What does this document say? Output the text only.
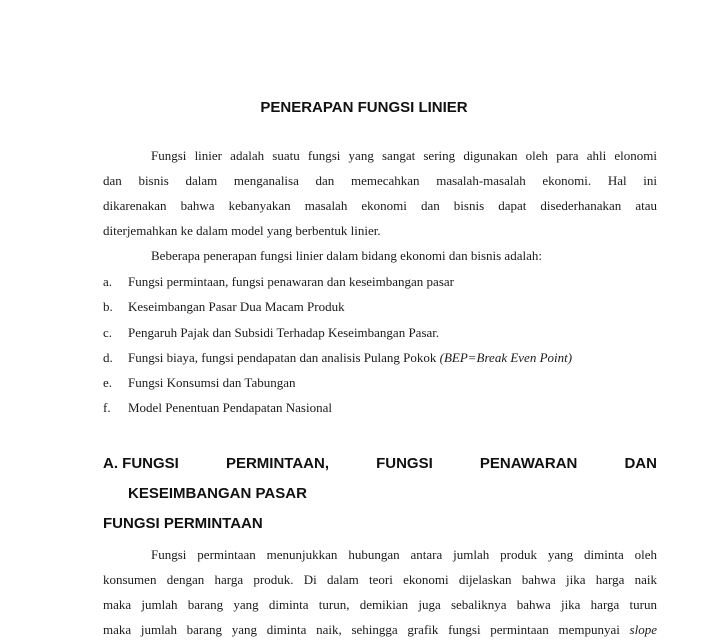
PENERAPAN FUNGSI LINIER

Fungsi linier adalah suatu fungsi yang sangat sering digunakan oleh para ahli elonomi

dan bisnis dalam menganalisa dan memecahkan masalah-masalah ekonomi. Hal ini

dikarenakan bahwa kebanyakan masalah ekonomi dan bisnis dapat disederhanakan atau

diterjemahkan ke dalam model yang berbentuk linier.

Beberapa penerapan fungsi linier dalam bidang ekonomi dan bisnis adalah:

a. Fungsi permintaan, fungsi penawaran dan keseimbangan pasar
b. Keseimbangan Pasar Dua Macam Produk
c. Pengaruh Pajak dan Subsidi Terhadap Keseimbangan Pasar.
d. Fungsi biaya, fungsi pendapatan dan analisis Pulang Pokok (BEP=Break Even Point)
e. Fungsi Konsumsi dan Tabungan
f. Model Penentuan Pendapatan Nasional
A. FUNGSI	PERMINTAAN,	FUNGSI	PENAWARAN	DAN
KESEIMBANGAN PASAR
FUNGSI PERMINTAAN

Fungsi permintaan menunjukkan hubungan antara jumlah produk yang diminta oleh

konsumen dengan harga produk. Di dalam teori ekonomi dijelaskan bahwa jika harga naik

maka jumlah barang yang diminta turun, demikian juga sebaliknya bahwa jika harga turun

maka jumlah barang yang diminta naik, sehingga grafik fungsi permintaan mempunyai slope
